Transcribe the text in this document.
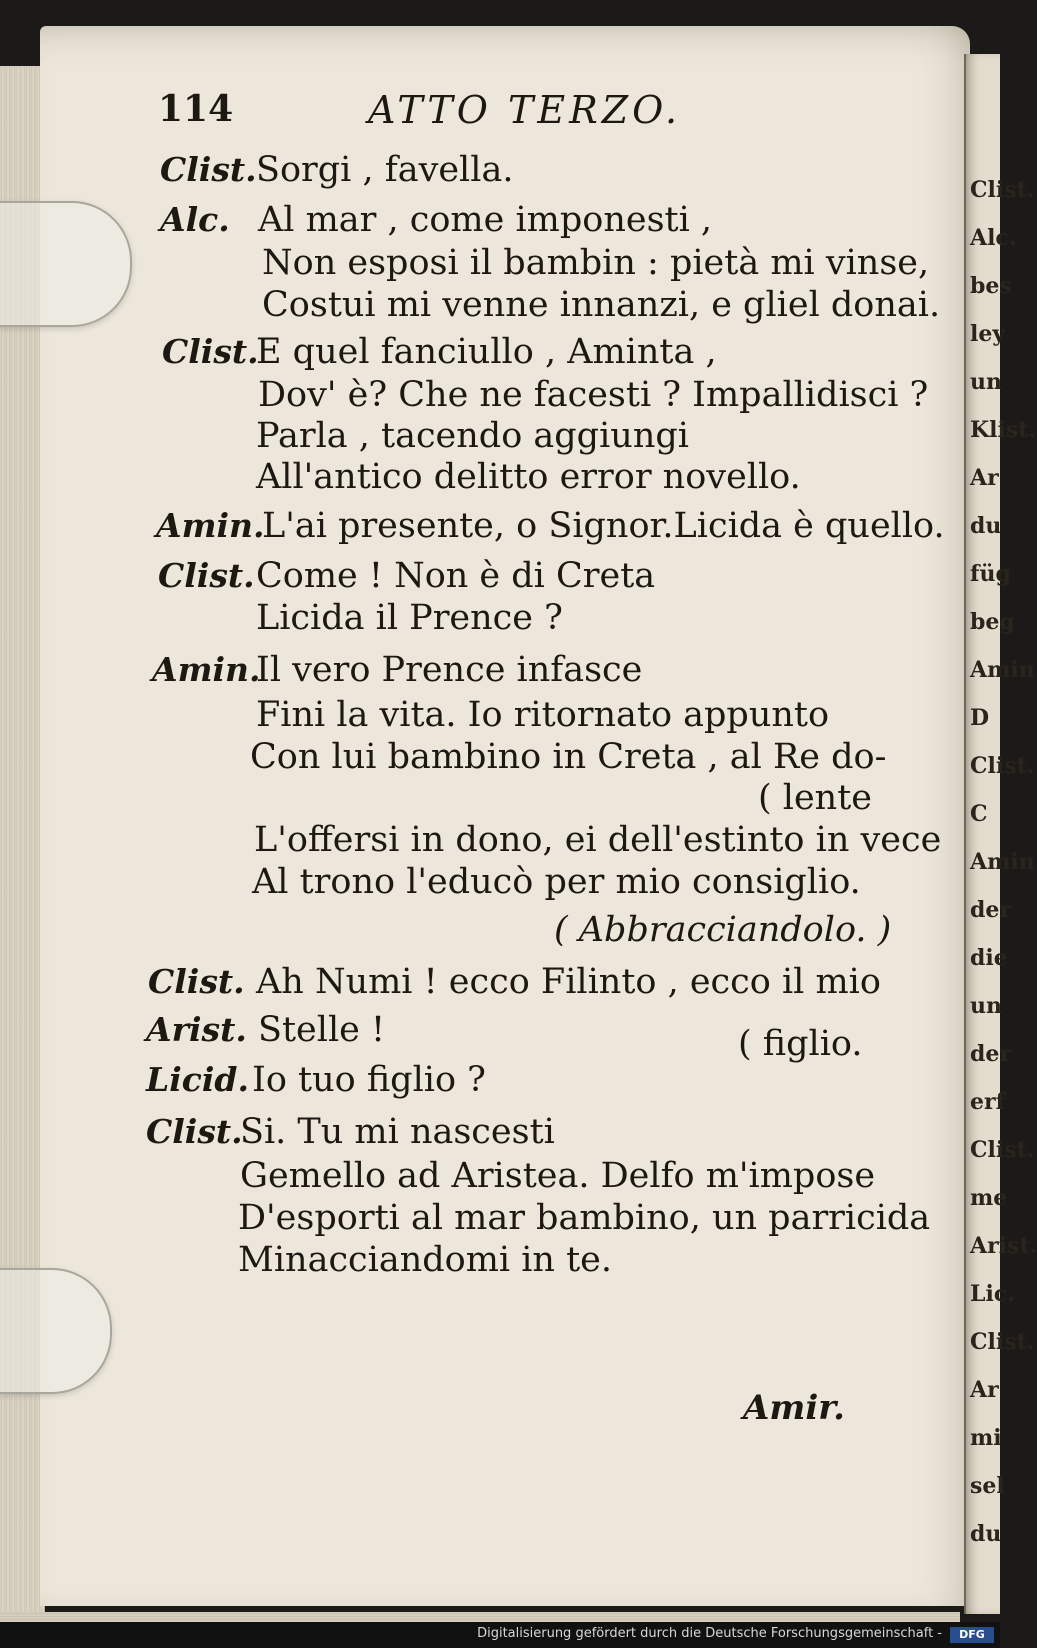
Clist.
Alc.
bes
ley
un
Klist.
Ar
du
füg
beg
Amin
D
Clist.
C
Amin
der
die
un
der
erf
Clist.
me
Arist.
Lic.
Clist.
Ar
mi
sel
du
114	ATTO TERZO.
Clist. Sorgi , favella.
Alc. Al mar , come imponesti ,
Non esposi il bambin : pietà mi vinse,
Costui mi venne innanzi, e gliel donai.
Clist.
E quel fanciullo , Aminta ,
Dov' è? Che ne facesti ? Impallidisci ?
Parla , tacendo aggiungi
All'antico delitto error novello.
Amin.
L'ai presente, o Signor.Licida è quello.
Clist. Come ! Non è di Creta
Licida il Prence ?
Amin.
Il vero Prence infasce
Fini la vita. Io ritornato appunto
Con lui bambino in Creta , al Re do-
( lente
L'offersi in dono, ei dell'estinto in vece
Al trono l'educò per mio consiglio.
( Abbracciandolo. )
Clist. Ah Numi ! ecco Filinto , ecco il mio
Arist. Stelle !	( figlio.
Licid. Io tuo figlio ?
Clist.
Si. Tu mi nascesti
Gemello ad Aristea. Delfo m'impose
D'esporti al mar bambino, un parricida
Minacciandomi in te.
Amir.
Digitalisierung gefördert durch die Deutsche Forschungsgemeinschaft -	DFG
